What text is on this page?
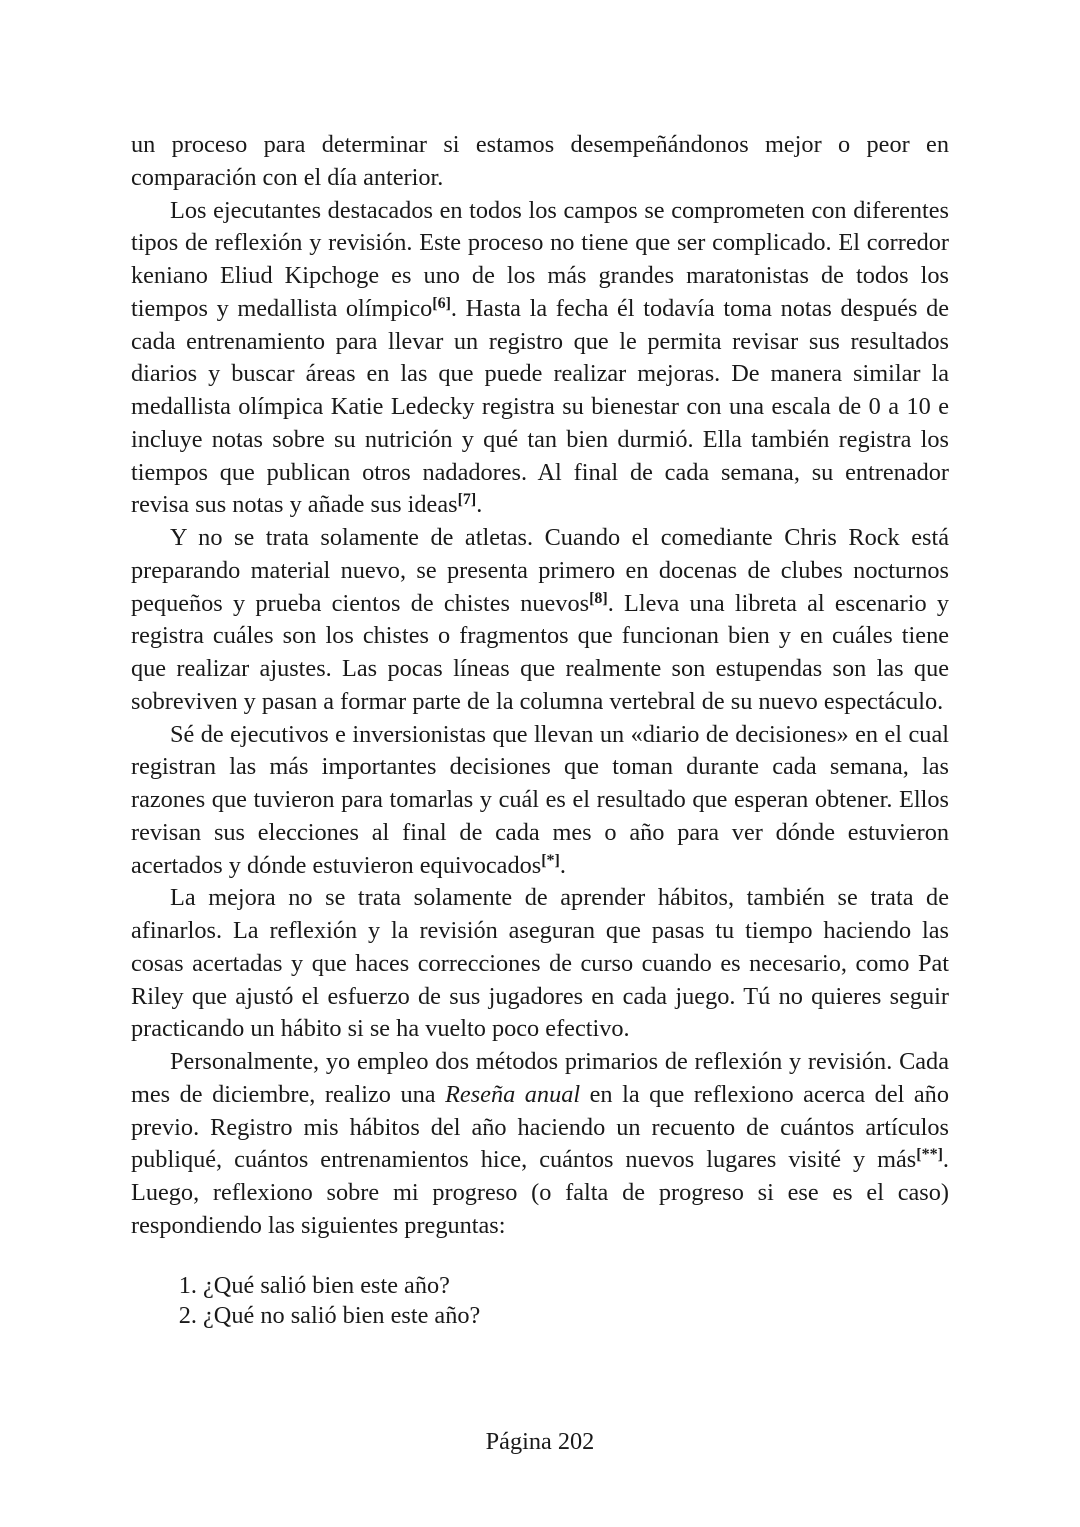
un proceso para determinar si estamos desempeñándonos mejor o peor en comparación con el día anterior.

Los ejecutantes destacados en todos los campos se comprometen con diferentes tipos de reflexión y revisión. Este proceso no tiene que ser complicado. El corredor keniano Eliud Kipchoge es uno de los más grandes maratonistas de todos los tiempos y medallista olímpico[6]. Hasta la fecha él todavía toma notas después de cada entrenamiento para llevar un registro que le permita revisar sus resultados diarios y buscar áreas en las que puede realizar mejoras. De manera similar la medallista olímpica Katie Ledecky registra su bienestar con una escala de 0 a 10 e incluye notas sobre su nutrición y qué tan bien durmió. Ella también registra los tiempos que publican otros nadadores. Al final de cada semana, su entrenador revisa sus notas y añade sus ideas[7].

Y no se trata solamente de atletas. Cuando el comediante Chris Rock está preparando material nuevo, se presenta primero en docenas de clubes nocturnos pequeños y prueba cientos de chistes nuevos[8]. Lleva una libreta al escenario y registra cuáles son los chistes o fragmentos que funcionan bien y en cuáles tiene que realizar ajustes. Las pocas líneas que realmente son estupendas son las que sobreviven y pasan a formar parte de la columna vertebral de su nuevo espectáculo.

Sé de ejecutivos e inversionistas que llevan un «diario de decisiones» en el cual registran las más importantes decisiones que toman durante cada semana, las razones que tuvieron para tomarlas y cuál es el resultado que esperan obtener. Ellos revisan sus elecciones al final de cada mes o año para ver dónde estuvieron acertados y dónde estuvieron equivocados[*].

La mejora no se trata solamente de aprender hábitos, también se trata de afinarlos. La reflexión y la revisión aseguran que pasas tu tiempo haciendo las cosas acertadas y que haces correcciones de curso cuando es necesario, como Pat Riley que ajustó el esfuerzo de sus jugadores en cada juego. Tú no quieres seguir practicando un hábito si se ha vuelto poco efectivo.

Personalmente, yo empleo dos métodos primarios de reflexión y revisión. Cada mes de diciembre, realizo una Reseña anual en la que reflexiono acerca del año previo. Registro mis hábitos del año haciendo un recuento de cuántos artículos publiqué, cuántos entrenamientos hice, cuántos nuevos lugares visité y más[**]. Luego, reflexiono sobre mi progreso (o falta de progreso si ese es el caso) respondiendo las siguientes preguntas:

1. ¿Qué salió bien este año?
2. ¿Qué no salió bien este año?
Página 202
